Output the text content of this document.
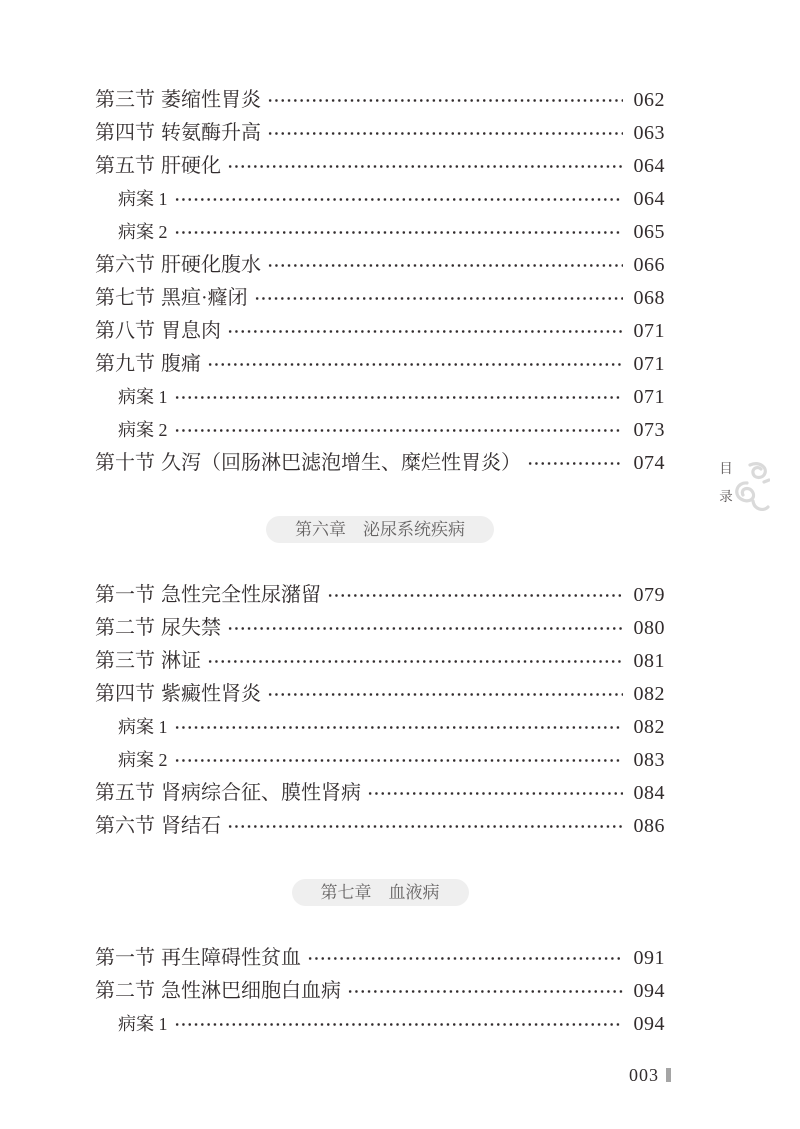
第三节 萎缩性胃炎	062
第四节 转氨酶升高	063
第五节 肝硬化	064
病案 1	064
病案 2	065
第六节 肝硬化腹水	066
第七节 黑疸·癃闭	068
第八节 胃息肉	071
第九节 腹痛	071
病案 1	071
病案 2	073
第十节 久泻（回肠淋巴滤泡增生、糜烂性胃炎）	074
第六章 泌尿系统疾病
第一节 急性完全性尿潴留	079
第二节 尿失禁	080
第三节 淋证	081
第四节 紫癜性肾炎	082
病案 1	082
病案 2	083
第五节 肾病综合征、膜性肾病	084
第六节 肾结石	086
第七章 血液病
第一节 再生障碍性贫血	091
第二节 急性淋巴细胞白血病	094
病案 1	094
目
录
003
